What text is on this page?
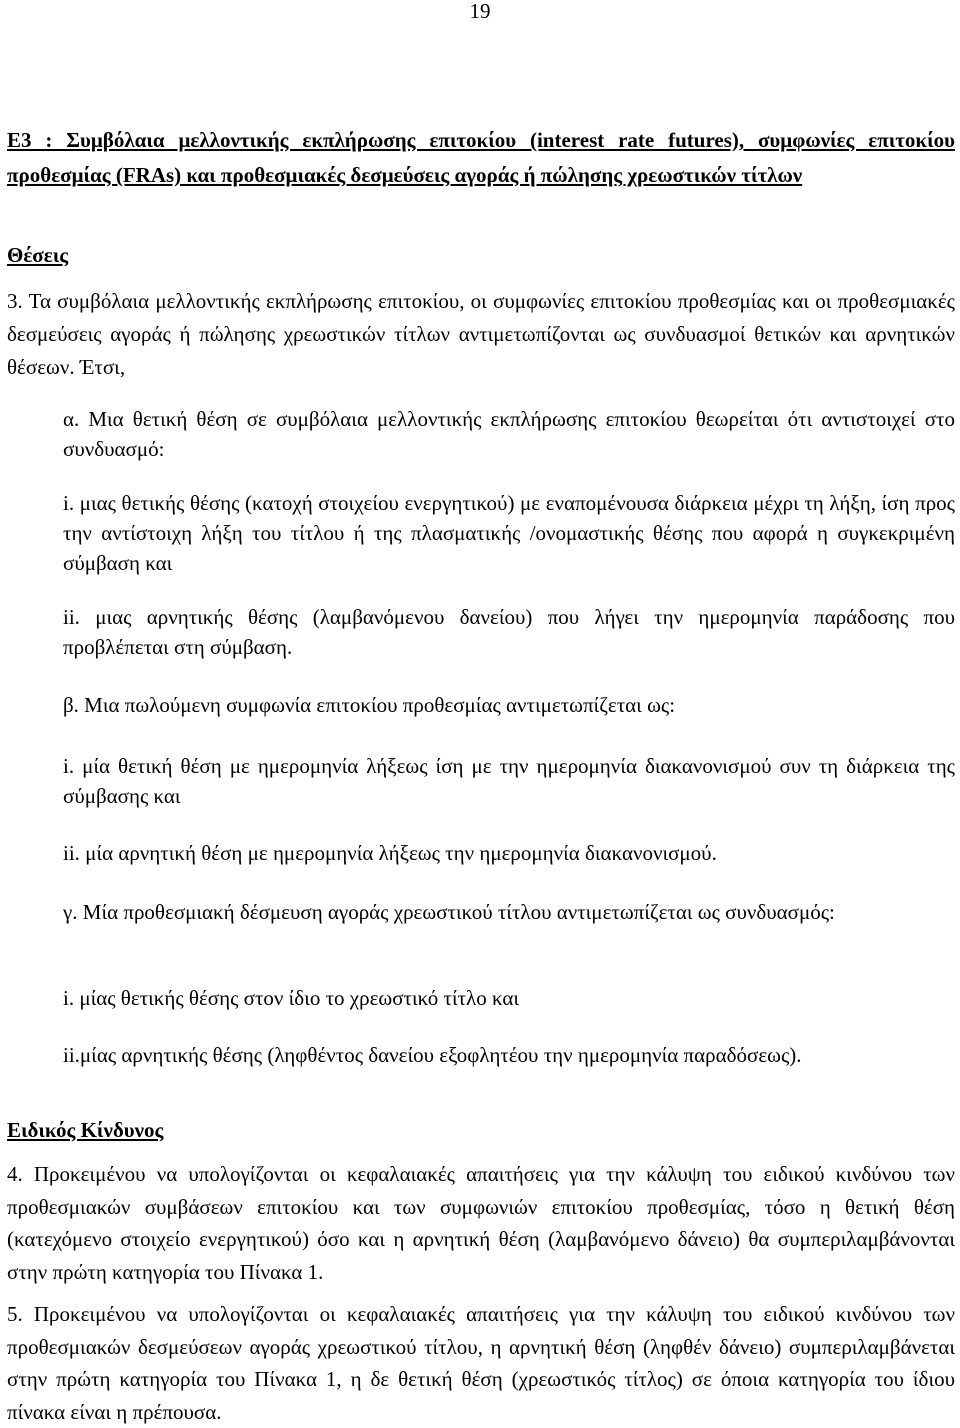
19
Ε3 : Συμβόλαια μελλοντικής εκπλήρωσης επιτοκίου (interest rate futures), συμφωνίες επιτοκίου προθεσμίας (FRAs) και προθεσμιακές δεσμεύσεις αγοράς ή πώλησης χρεωστικών τίτλων
Θέσεις
3. Τα συμβόλαια μελλοντικής εκπλήρωσης επιτοκίου, οι συμφωνίες επιτοκίου προθεσμίας και οι προθεσμιακές δεσμεύσεις αγοράς ή πώλησης χρεωστικών τίτλων αντιμετωπίζονται ως συνδυασμοί θετικών και αρνητικών θέσεων. Έτσι,
α. Μια θετική θέση σε συμβόλαια μελλοντικής εκπλήρωσης επιτοκίου θεωρείται ότι αντιστοιχεί στο συνδυασμό:
i. μιας θετικής θέσης (κατοχή στοιχείου ενεργητικού) με εναπομένουσα διάρκεια μέχρι τη λήξη, ίση προς την αντίστοιχη λήξη του τίτλου ή της πλασματικής /ονομαστικής θέσης που αφορά η συγκεκριμένη σύμβαση και
ii. μιας αρνητικής θέσης (λαμβανόμενου δανείου) που λήγει την ημερομηνία παράδοσης που προβλέπεται στη σύμβαση.
β. Μια πωλούμενη συμφωνία επιτοκίου προθεσμίας αντιμετωπίζεται ως:
i. μία θετική θέση με ημερομηνία λήξεως ίση με την ημερομηνία διακανονισμού συν τη διάρκεια της σύμβασης και
ii. μία αρνητική θέση με ημερομηνία λήξεως την ημερομηνία διακανονισμού.
γ. Μία προθεσμιακή δέσμευση αγοράς χρεωστικού τίτλου αντιμετωπίζεται ως συνδυασμός:
i. μίας θετικής θέσης στον ίδιο το χρεωστικό τίτλο και
ii.μίας αρνητικής θέσης (ληφθέντος δανείου εξοφλητέου την ημερομηνία παραδόσεως).
Ειδικός Κίνδυνος
4. Προκειμένου να υπολογίζονται οι κεφαλαιακές απαιτήσεις για την κάλυψη του ειδικού κινδύνου των προθεσμιακών συμβάσεων επιτοκίου και των συμφωνιών επιτοκίου προθεσμίας, τόσο η θετική θέση (κατεχόμενο στοιχείο ενεργητικού) όσο και η αρνητική θέση (λαμβανόμενο δάνειο) θα συμπεριλαμβάνονται στην πρώτη κατηγορία του Πίνακα 1.
5. Προκειμένου να υπολογίζονται οι κεφαλαιακές απαιτήσεις για την κάλυψη του ειδικού κινδύνου των προθεσμιακών δεσμεύσεων αγοράς χρεωστικού τίτλου, η αρνητική θέση (ληφθέν δάνειο) συμπεριλαμβάνεται στην πρώτη κατηγορία του Πίνακα 1, η δε θετική θέση (χρεωστικός τίτλος) σε όποια κατηγορία του ίδιου πίνακα είναι η πρέπουσα.
